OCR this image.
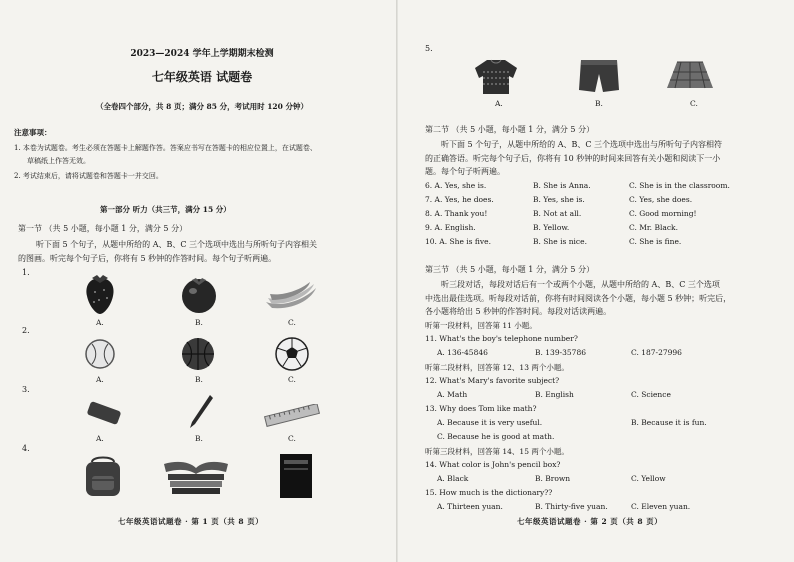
2023—2024 学年上学期期末检测
七年级英语 试题卷
（全卷四个部分，共 8 页；满分 85 分，考试用时 120 分钟）
注意事项：
1. 本卷为试题卷。考生必须在答题卡上解题作答。答案应书写在答题卡的相应位置上，在试题卷、
草稿纸上作答无效。
2. 考试结束后，请将试题卷和答题卡一并交回。
第一部分 听力（共三节，满分 15 分）
第一节 （共 5 小题，每小题 1 分，满分 5 分）
听下面 5 个句子，从题中所给的 A、B、C 三个选项中选出与所听句子内容相关
的图画。听完每个句子后，你将有 5 秒钟的作答时间。每个句子听两遍。
1.
A.	B.	C.
2.
A.	B.	C.
3.
A.	B.	C.
4.
七年级英语试题卷 · 第 1 页（共 8 页）
5.
A.	B.	C.
第二节 （共 5 小题，每小题 1 分，满分 5 分）
听下面 5 个句子，从题中所给的 A、B、C 三个选项中选出与所听句子内容相符
的正确答语。听完每个句子后，你将有 10 秒钟的时间来回答有关小题和阅读下一小
题。每个句子听两遍。
6. A. Yes, she is.	B. She is Anna.	C. She is in the classroom.
7. A. Yes, he does.	B. Yes, she is.	C. Yes, she does.
8. A. Thank you!	B. Not at all.	C. Good morning!
9. A. English.	B. Yellow.	C. Mr. Black.
10. A. She is five.	B. She is nice.	C. She is fine.
第三节 （共 5 小题，每小题 1 分，满分 5 分）
听三段对话，每段对话后有一个或两个小题，从题中所给的 A、B、C 三个选项
中选出最佳选项。听每段对话前，你将有时间阅读各个小题，每小题 5 秒钟；听完后，
各小题将给出 5 秒钟的作答时间。每段对话读两遍。
听第一段材料，回答第 11 小题。
11. What's the boy's telephone number?
A. 136-45846	B. 139-35786	C. 187-27996
听第二段材料，回答第 12、13 两个小题。
12. What's Mary's favorite subject?
A. Math	B. English	C. Science
13. Why does Tom like math?
A. Because it is very useful.	B. Because it is fun.
C. Because he is good at math.
听第三段材料，回答第 14、15 两个小题。
14. What color is John's pencil box?
A. Black	B. Brown	C. Yellow
15. How much is the dictionary??
A. Thirteen yuan.	B. Thirty-five yuan.	C. Eleven yuan.
七年级英语试题卷 · 第 2 页（共 8 页）
